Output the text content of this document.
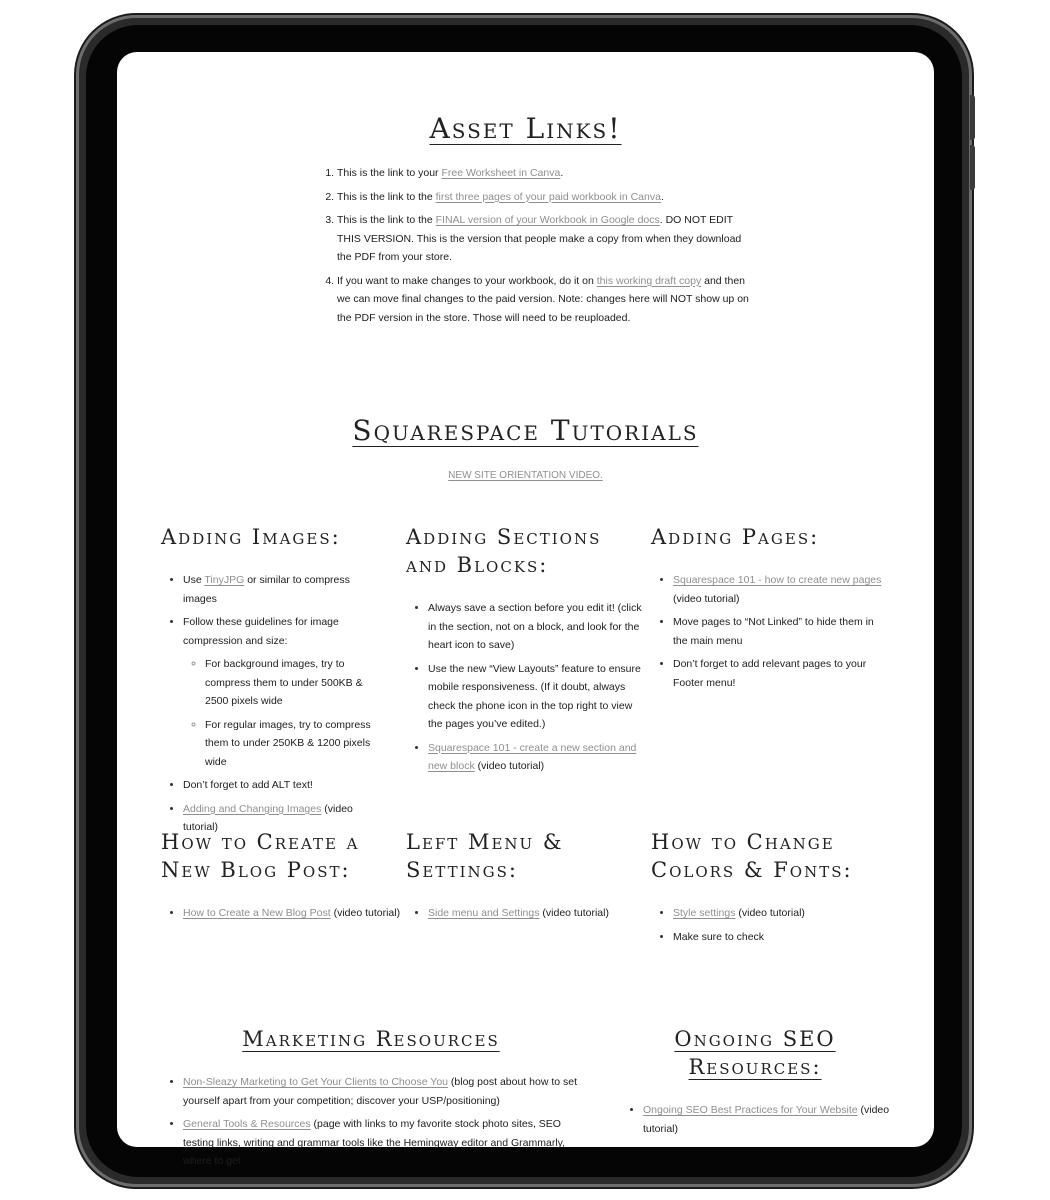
Asset Links!
1. This is the link to your Free Worksheet in Canva.
2. This is the link to the first three pages of your paid workbook in Canva.
3. This is the link to the FINAL version of your Workbook in Google docs. DO NOT EDIT THIS VERSION. This is the version that people make a copy from when they download the PDF from your store.
4. If you want to make changes to your workbook, do it on this working draft copy and then we can move final changes to the paid version. Note: changes here will NOT show up on the PDF version in the store. Those will need to be reuploaded.
Squarespace Tutorials
NEW SITE ORIENTATION VIDEO.
Adding Images:
• Use TinyJPG or similar to compress images
• Follow these guidelines for image compression and size:
◦ For background images, try to compress them to under 500KB & 2500 pixels wide
◦ For regular images, try to compress them to under 250KB & 1200 pixels wide
• Don’t forget to add ALT text!
• Adding and Changing Images (video tutorial)
Adding Sections
and Blocks:
• Always save a section before you edit it! (click in the section, not on a block, and look for the heart icon to save)
• Use the new “View Layouts” feature to ensure mobile responsiveness. (If it doubt, always check the phone icon in the top right to view the pages you’ve edited.)
• Squarespace 101 - create a new section and new block (video tutorial)
Adding Pages:
• Squarespace 101 - how to create new pages (video tutorial)
• Move pages to “Not Linked” to hide them in the main menu
• Don’t forget to add relevant pages to your Footer menu!
How to Create a
New Blog Post:
• How to Create a New Blog Post (video tutorial)
Left Menu &
Settings:
• Side menu and Settings (video tutorial)
How to Change
Colors & Fonts:
• Style settings (video tutorial)
• Make sure to check
Marketing Resources
• Non-Sleazy Marketing to Get Your Clients to Choose You (blog post about how to set yourself apart from your competition; discover your USP/positioning)
• General Tools & Resources (page with links to my favorite stock photo sites, SEO testing links, writing and grammar tools like the Hemingway editor and Grammarly, where to get
Ongoing SEO
Resources:
• Ongoing SEO Best Practices for Your Website (video tutorial)
